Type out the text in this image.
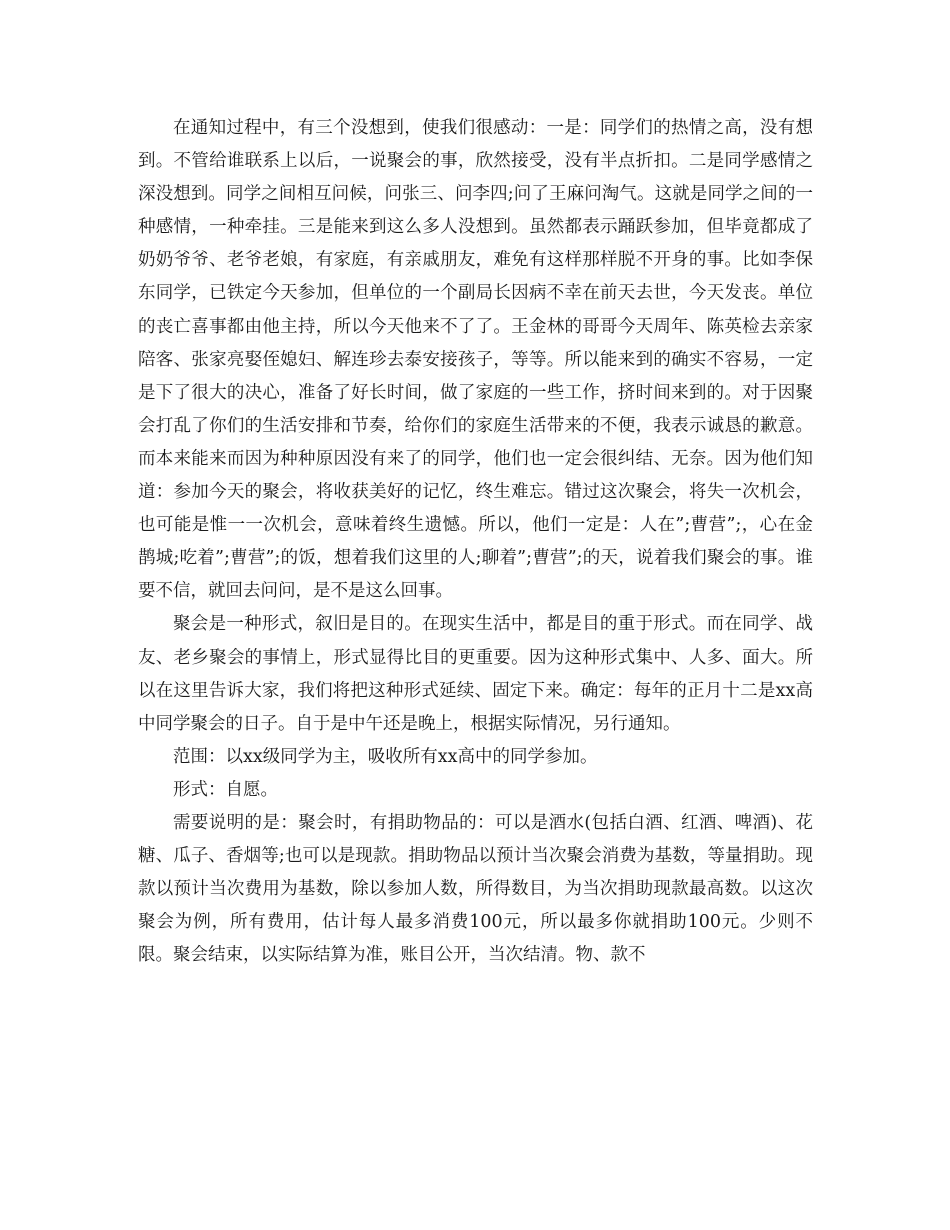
在通知过程中，有三个没想到，使我们很感动：一是：同学们的热情之高，没有想到。不管给谁联系上以后，一说聚会的事，欣然接受，没有半点折扣。二是同学感情之深没想到。同学之间相互问候，问张三、问李四;问了王麻问淘气。这就是同学之间的一种感情，一种牵挂。三是能来到这么多人没想到。虽然都表示踊跃参加，但毕竟都成了奶奶爷爷、老爷老娘，有家庭，有亲戚朋友，难免有这样那样脱不开身的事。比如李保东同学，已铁定今天参加，但单位的一个副局长因病不幸在前天去世，今天发丧。单位的丧亡喜事都由他主持，所以今天他来不了了。王金林的哥哥今天周年、陈英检去亲家陪客、张家亮娶侄媳妇、解连珍去泰安接孩子，等等。所以能来到的确实不容易，一定是下了很大的决心，准备了好长时间，做了家庭的一些工作，挤时间来到的。对于因聚会打乱了你们的生活安排和节奏，给你们的家庭生活带来的不便，我表示诚恳的歉意。而本来能来而因为种种原因没有来了的同学，他们也一定会很纠结、无奈。因为他们知道：参加今天的聚会，将收获美好的记忆，终生难忘。错过这次聚会，将失一次机会，也可能是惟一一次机会，意味着终生遗憾。所以，他们一定是：人在”;曹营”;，心在金鹊城;吃着”;曹营”;的饭，想着我们这里的人;聊着”;曹营”;的天，说着我们聚会的事。谁要不信，就回去问问，是不是这么回事。

聚会是一种形式，叙旧是目的。在现实生活中，都是目的重于形式。而在同学、战友、老乡聚会的事情上，形式显得比目的更重要。因为这种形式集中、人多、面大。所以在这里告诉大家，我们将把这种形式延续、固定下来。确定：每年的正月十二是xx高中同学聚会的日子。自于是中午还是晚上，根据实际情况，另行通知。

范围：以xx级同学为主，吸收所有xx高中的同学参加。

形式：自愿。

需要说明的是：聚会时，有捐助物品的：可以是酒水(包括白酒、红酒、啤酒)、花糖、瓜子、香烟等;也可以是现款。捐助物品以预计当次聚会消费为基数，等量捐助。现款以预计当次费用为基数，除以参加人数，所得数目，为当次捐助现款最高数。以这次聚会为例，所有费用，估计每人最多消费100元，所以最多你就捐助100元。少则不限。聚会结束，以实际结算为准，账目公开，当次结清。物、款不
